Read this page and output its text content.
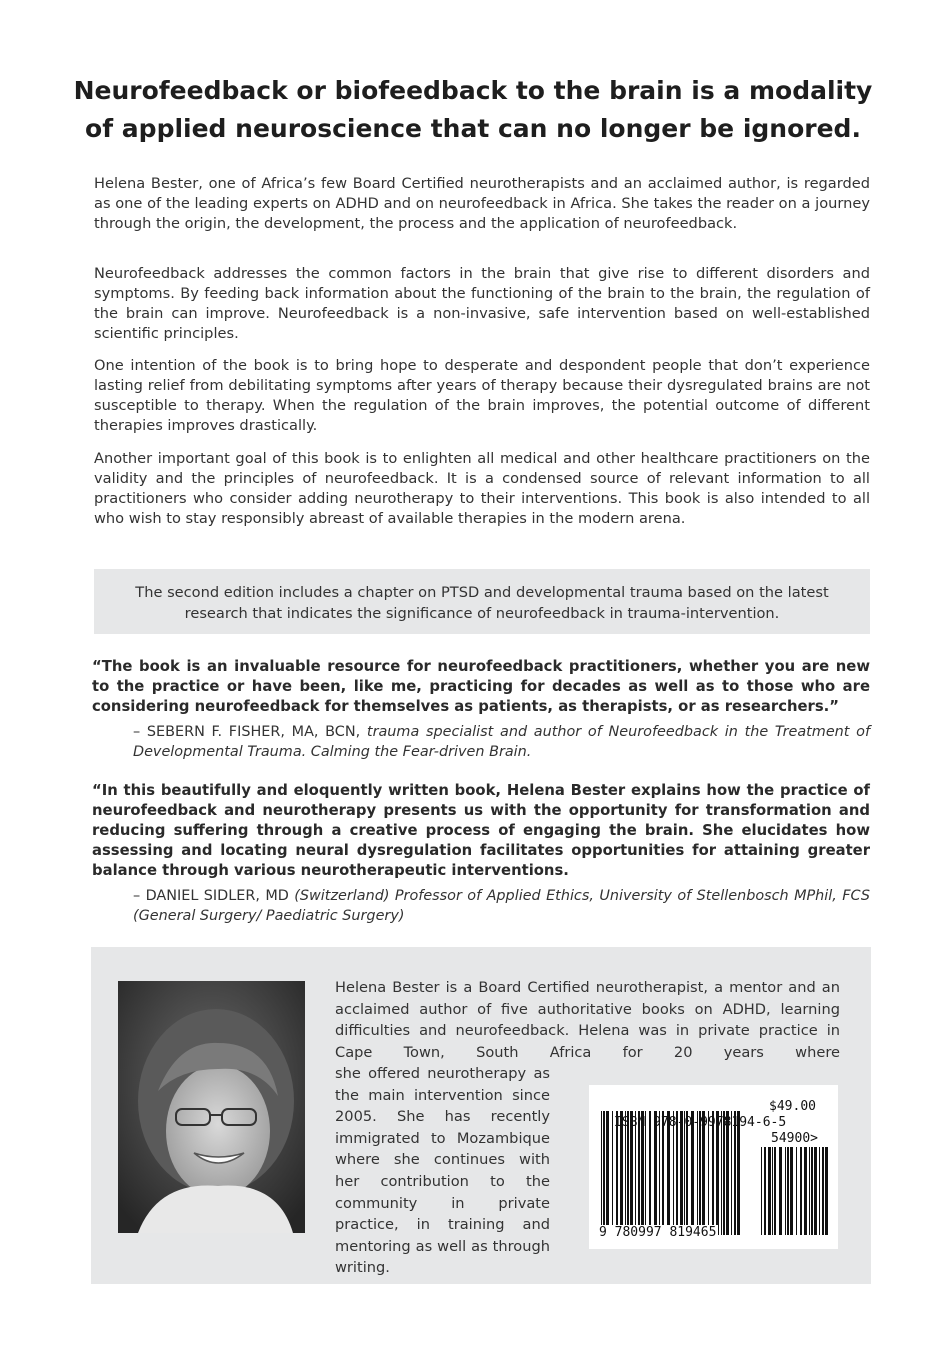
Neurofeedback or biofeedback to the brain is a modality of applied neuroscience that can no longer be ignored.

Helena Bester, one of Africa’s few Board Certified neurotherapists and an acclaimed author, is regarded as one of the leading experts on ADHD and on neurofeedback in Africa. She takes the reader on a journey through the origin, the development, the process and the application of neurofeedback.

Neurofeedback addresses the common factors in the brain that give rise to different disorders and symptoms. By feeding back information about the functioning of the brain to the brain, the regulation of the brain can improve. Neurofeedback is a non-invasive, safe intervention based on well-established scientific principles.

One intention of the book is to bring hope to desperate and despondent people that don’t experience lasting relief from debilitating symptoms after years of therapy because their dysregulated brains are not susceptible to therapy. When the regulation of the brain improves, the potential outcome of different therapies improves drastically.

Another important goal of this book is to enlighten all medical and other healthcare practitioners on the validity and the principles of neurofeedback. It is a condensed source of relevant information to all practitioners who consider adding neurotherapy to their interventions. This book is also intended to all who wish to stay responsibly abreast of available therapies in the modern arena.

The second edition includes a chapter on PTSD and developmental trauma based on the latest research that indicates the significance of neurofeedback in trauma-intervention.

“The book is an invaluable resource for neurofeedback practitioners, whether you are new to the practice or have been, like me, practicing for decades as well as to those who are considering neurofeedback for themselves as patients, as therapists, or as researchers.”

– SEBERN F. FISHER, MA, BCN, trauma specialist and author of Neurofeedback in the Treatment of Developmental Trauma. Calming the Fear-driven Brain.

“In this beautifully and eloquently written book, Helena Bester explains how the practice of neurofeedback and neurotherapy presents us with the opportunity for transformation and reducing suffering through a creative process of engaging the brain. She elucidates how assessing and locating neural dysregulation facilitates opportunities for attaining greater balance through various neurotherapeutic interventions.

– DANIEL SIDLER, MD (Switzerland) Professor of Applied Ethics, University of Stellenbosch MPhil, FCS (General Surgery/ Paediatric Surgery)

Helena Bester is a Board Certified neurotherapist, a mentor and an acclaimed author of five authoritative books on ADHD, learning difficulties and neurofeedback. Helena was in private practice in Cape Town, South Africa for 20 years where

she offered neurotherapy as the main intervention since 2005. She has recently immigrated to Mozambique where she continues with her contribution to the community in private practice, in training and mentoring as well as through writing.

$49.00
ISBN 978-0-9978194-6-5
54900>
9 780997 819465
